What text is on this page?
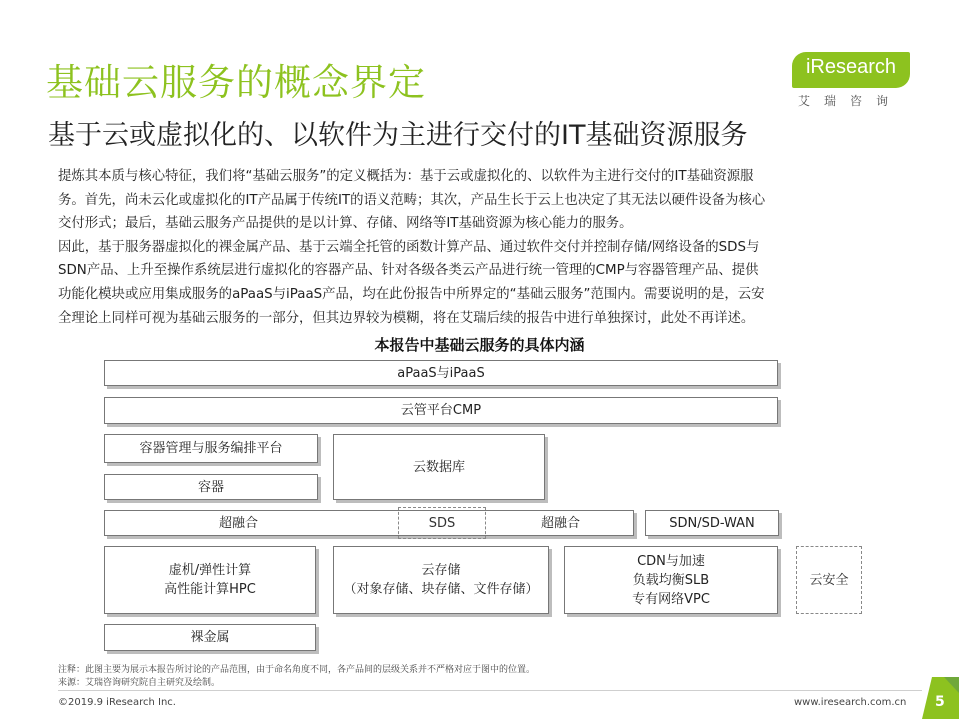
基础云服务的概念界定
基于云或虚拟化的、以软件为主进行交付的IT基础资源服务
iResearch
艾瑞咨询
提炼其本质与核心特征，我们将“基础云服务”的定义概括为：基于云或虚拟化的、以软件为主进行交付的IT基础资源服
务。首先，尚未云化或虚拟化的IT产品属于传统IT的语义范畴；其次，产品生长于云上也决定了其无法以硬件设备为核心
交付形式；最后，基础云服务产品提供的是以计算、存储、网络等IT基础资源为核心能力的服务。
因此，基于服务器虚拟化的裸金属产品、基于云端全托管的函数计算产品、通过软件交付并控制存储/网络设备的SDS与
SDN产品、上升至操作系统层进行虚拟化的容器产品、针对各级各类云产品进行统一管理的CMP与容器管理产品、提供
功能化模块或应用集成服务的aPaaS与iPaaS产品，均在此份报告中所界定的“基础云服务”范围内。需要说明的是，云安
全理论上同样可视为基础云服务的一部分，但其边界较为模糊，将在艾瑞后续的报告中进行单独探讨，此处不再详述。
本报告中基础云服务的具体内涵
aPaaS与iPaaS
云管平台CMP
容器管理与服务编排平台
容器
云数据库
超融合	超融合
SDS	SDN/SD-WAN
虚机/弹性计算
高性能计算HPC
云存储
（对象存储、块存储、文件存储）
CDN与加速
负载均衡SLB
专有网络VPC
云安全
裸金属
注释：此图主要为展示本报告所讨论的产品范围，由于命名角度不同，各产品间的层级关系并不严格对应于图中的位置。
来源：艾瑞咨询研究院自主研究及绘制。
©2019.9 iResearch Inc.	www.iresearch.com.cn 5
